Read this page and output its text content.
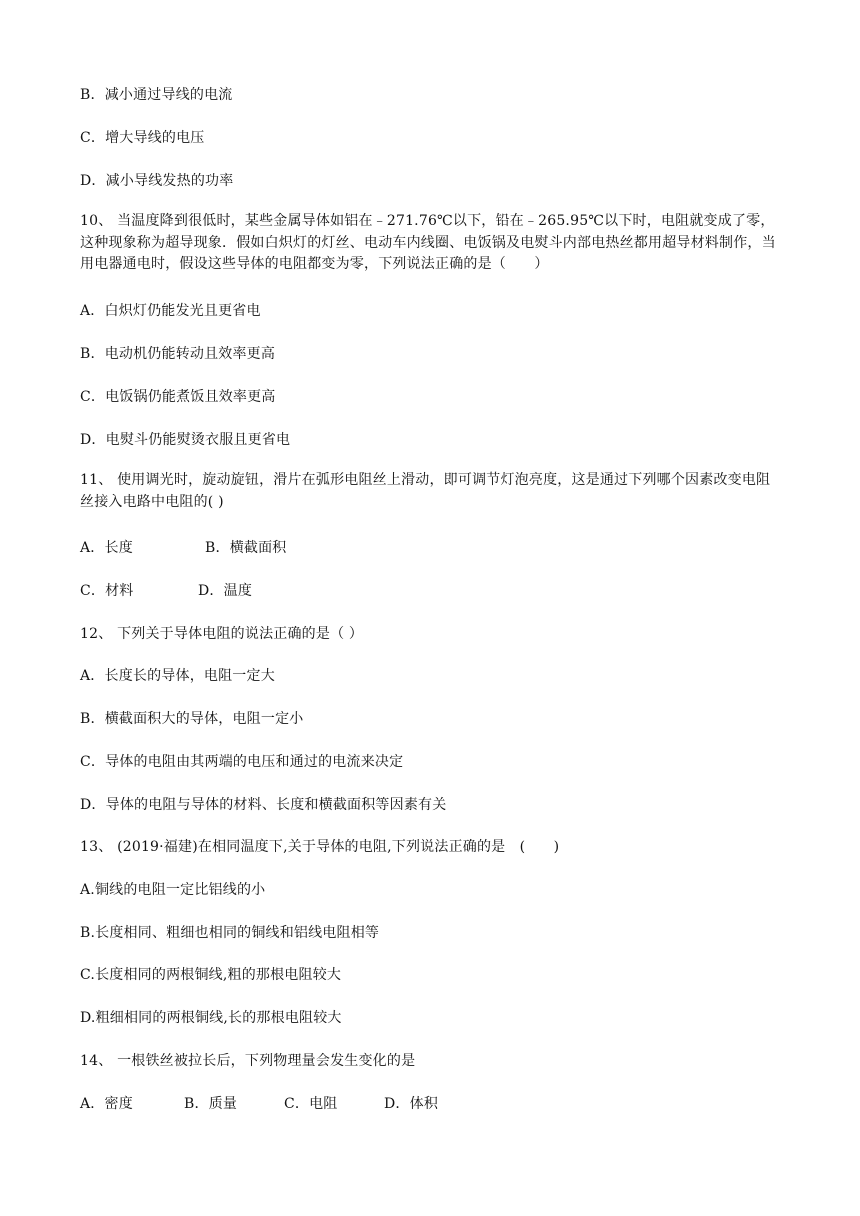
B．减小通过导线的电流
C．增大导线的电压
D．减小导线发热的功率
10、 当温度降到很低时，某些金属导体如铝在﹣271.76℃以下，铅在﹣265.95℃以下时，电阻就变成了零，这种现象称为超导现象．假如白炽灯的灯丝、电动车内线圈、电饭锅及电熨斗内部电热丝都用超导材料制作，当用电器通电时，假设这些导体的电阻都变为零，下列说法正确的是（　　）
A．白炽灯仍能发光且更省电
B．电动机仍能转动且效率更高
C．电饭锅仍能煮饭且效率更高
D．电熨斗仍能熨烫衣服且更省电
11、 使用调光时，旋动旋钮，滑片在弧形电阻丝上滑动，即可调节灯泡亮度，这是通过下列哪个因素改变电阻丝接入电路中电阻的( )
A．长度	B．横截面积
C．材料	D．温度
12、 下列关于导体电阻的说法正确的是（ ）
A．长度长的导体，电阻一定大
B．横截面积大的导体，电阻一定小
C．导体的电阻由其两端的电压和通过的电流来决定
D．导体的电阻与导体的材料、长度和横截面积等因素有关
13、 (2019·福建)在相同温度下,关于导体的电阻,下列说法正确的是　(　　)
A.铜线的电阻一定比铝线的小
B.长度相同、粗细也相同的铜线和铝线电阻相等
C.长度相同的两根铜线,粗的那根电阻较大
D.粗细相同的两根铜线,长的那根电阻较大
14、 一根铁丝被拉长后，下列物理量会发生变化的是
A．密度	B．质量	C．电阻	D．体积
